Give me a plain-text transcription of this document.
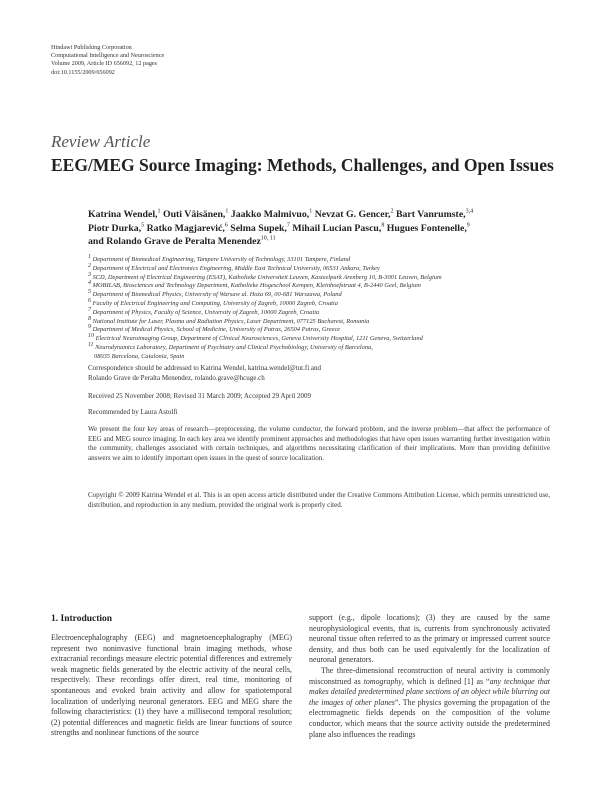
Hindawi Publishing Corporation
Computational Intelligence and Neuroscience
Volume 2009, Article ID 656092, 12 pages
doi:10.1155/2009/656092
Review Article
EEG/MEG Source Imaging: Methods, Challenges, and Open Issues
Katrina Wendel,$^1$ Outi Väisänen,$^1$ Jaakko Malmivuo,$^1$ Nevzat G. Gencer,$^2$ Bart Vanrumste,$^{3,4}$
Piotr Durka,$^5$ Ratko Magjarević,$^6$ Selma Supek,$^7$ Mihail Lucian Pascu,$^8$ Hugues Fontenelle,$^9$
and Rolando Grave de Peralta Menendez$^{10, 11}$
$^1$ Department of Biomedical Engineering, Tampere University of Technology, 33101 Tampere, Finland
$^2$ Department of Electrical and Electronics Engineering, Middle East Technical University, 06531 Ankara, Turkey
$^3$ SCD, Department of Electrical Engineering (ESAT), Katholieke Universiteit Leuven, Kasteelpark Arenberg 10, B-3001 Leuven, Belgium
$^4$ MOBILAB, Biosciences and Technology Department, Katholieke Hogeschool Kempen, Kleinhoefstraat 4, B-2440 Geel, Belgium
$^5$ Department of Biomedical Physics, University of Warsaw ul. Hoża 69, 00-681 Warszawa, Poland
$^6$ Faculty of Electrical Engineering and Computing, University of Zagreb, 10000 Zagreb, Croatia
$^7$ Department of Physics, Faculty of Science, University of Zagreb, 10000 Zagreb, Croatia
$^8$ National Institute for Laser, Plasma and Radiation Physics, Laser Department, 077125 Bucharest, Romania
$^9$ Department of Medical Physics, School of Medicine, University of Patras, 26504 Patras, Greece
$^{10}$ Electrical Neuroimaging Group, Department of Clinical Neurosciences, Geneva University Hospital, 1211 Geneva, Switzerland
$^{11}$ Neurodynamics Laboratory, Department of Psychiatry and Clinical Psychobiology, University of Barcelona,
08035 Barcelona, Catalonia, Spain
Correspondence should be addressed to Katrina Wendel, katrina.wendel@tut.fi and
Rolando Grave de Peralta Menendez, rolando.grave@hcuge.ch
Received 25 November 2008; Revised 31 March 2009; Accepted 29 April 2009
Recommended by Laura Astolfi
We present the four key areas of research—preprocessing, the volume conductor, the forward problem, and the inverse problem—that affect the performance of EEG and MEG source imaging. In each key area we identify prominent approaches and methodologies that have open issues warranting further investigation within the community, challenges associated with certain techniques, and algorithms necessitating clarification of their implications. More than providing definitive answers we aim to identify important open issues in the quest of source localization.
Copyright © 2009 Katrina Wendel et al. This is an open access article distributed under the Creative Commons Attribution License, which permits unrestricted use, distribution, and reproduction in any medium, provided the original work is properly cited.
1. Introduction

Electroencephalography (EEG) and magnetoencephalography (MEG) represent two noninvasive functional brain imaging methods, whose extracranial recordings measure electric potential differences and extremely weak magnetic fields generated by the electric activity of the neural cells, respectively. These recordings offer direct, real time, monitoring of spontaneous and evoked brain activity and allow for spatiotemporal localization of underlying neuronal generators. EEG and MEG share the following characteristics: (1) they have a millisecond temporal resolution; (2) potential differences and magnetic fields are linear functions of source strengths and nonlinear functions of the source

support (e.g., dipole locations); (3) they are caused by the same neurophysiological events, that is, currents from synchronously activated neuronal tissue often referred to as the primary or impressed current source density, and thus both can be used equivalently for the localization of neuronal generators.

The three-dimensional reconstruction of neural activity is commonly misconstrued as tomography, which is defined [1] as “any technique that makes detailed predetermined plane sections of an object while blurring out the images of other planes”. The physics governing the propagation of the electromagnetic fields depends on the composition of the volume conductor, which means that the source activity outside the predetermined plane also influences the readings
